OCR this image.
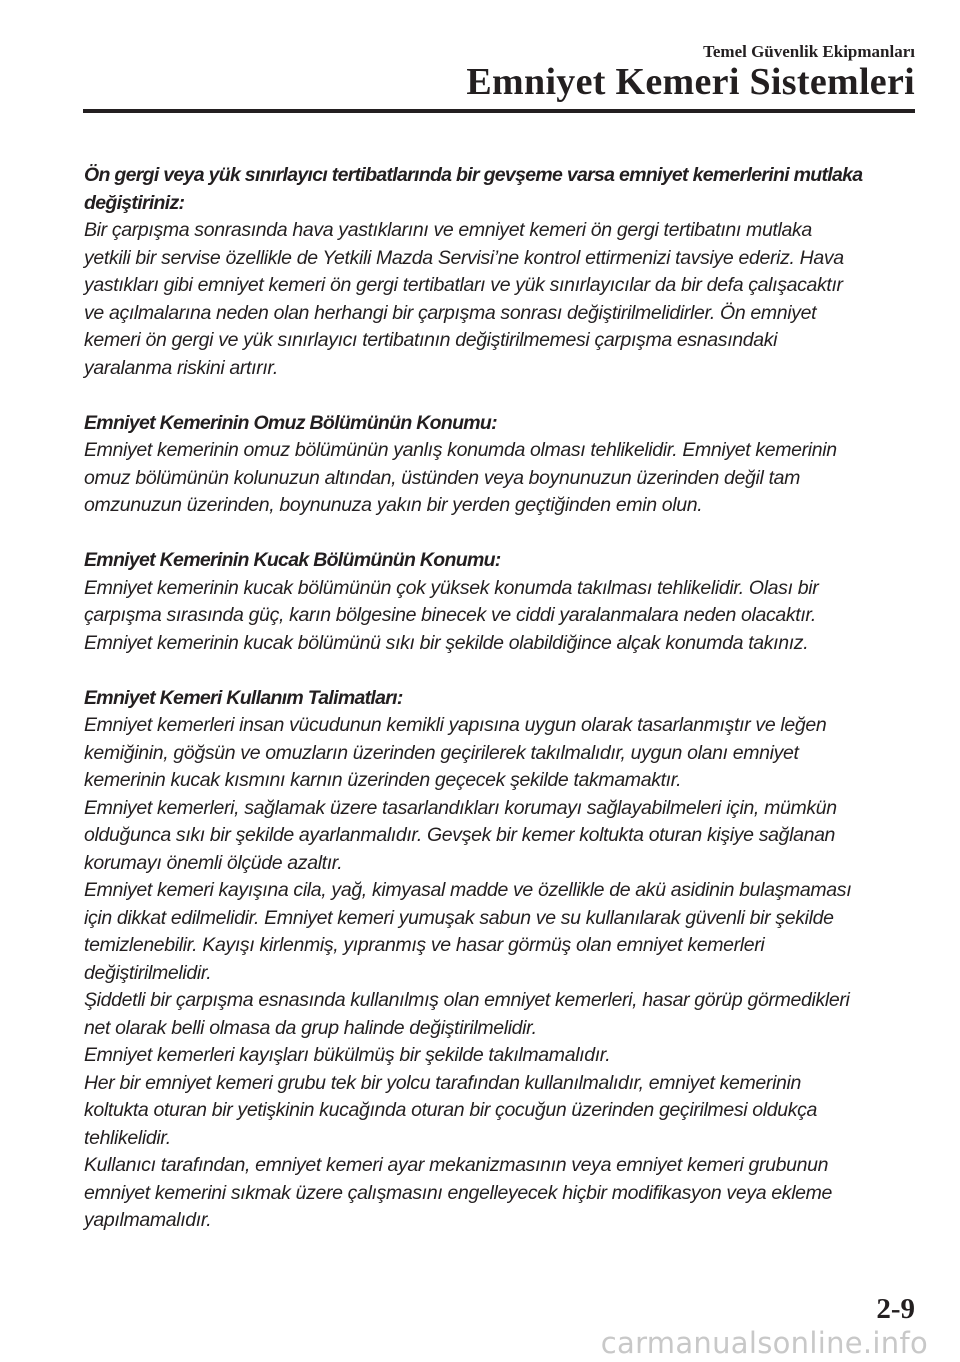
Temel Güvenlik Ekipmanları
Emniyet Kemeri Sistemleri
Ön gergi veya yük sınırlayıcı tertibatlarında bir gevşeme varsa emniyet kemerlerini mutlaka
değiştiriniz:
Bir çarpışma sonrasında hava yastıklarını ve emniyet kemeri ön gergi tertibatını mutlaka
yetkili bir servise özellikle de Yetkili Mazda Servisi’ne kontrol ettirmenizi tavsiye ederiz. Hava
yastıkları gibi emniyet kemeri ön gergi tertibatları ve yük sınırlayıcılar da bir defa çalışacaktır
ve açılmalarına neden olan herhangi bir çarpışma sonrası değiştirilmelidirler. Ön emniyet
kemeri ön gergi ve yük sınırlayıcı tertibatının değiştirilmemesi çarpışma esnasındaki
yaralanma riskini artırır.
Emniyet Kemerinin Omuz Bölümünün Konumu:
Emniyet kemerinin omuz bölümünün yanlış konumda olması tehlikelidir. Emniyet kemerinin
omuz bölümünün kolunuzun altından, üstünden veya boynunuzun üzerinden değil tam
omzunuzun üzerinden, boynunuza yakın bir yerden geçtiğinden emin olun.
Emniyet Kemerinin Kucak Bölümünün Konumu:
Emniyet kemerinin kucak bölümünün çok yüksek konumda takılması tehlikelidir. Olası bir
çarpışma sırasında güç, karın bölgesine binecek ve ciddi yaralanmalara neden olacaktır.
Emniyet kemerinin kucak bölümünü sıkı bir şekilde olabildiğince alçak konumda takınız.
Emniyet Kemeri Kullanım Talimatları:
Emniyet kemerleri insan vücudunun kemikli yapısına uygun olarak tasarlanmıştır ve leğen
kemiğinin, göğsün ve omuzların üzerinden geçirilerek takılmalıdır, uygun olanı emniyet
kemerinin kucak kısmını karnın üzerinden geçecek şekilde takmamaktır.
Emniyet kemerleri, sağlamak üzere tasarlandıkları korumayı sağlayabilmeleri için, mümkün
olduğunca sıkı bir şekilde ayarlanmalıdır. Gevşek bir kemer koltukta oturan kişiye sağlanan
korumayı önemli ölçüde azaltır.
Emniyet kemeri kayışına cila, yağ, kimyasal madde ve özellikle de akü asidinin bulaşmaması
için dikkat edilmelidir. Emniyet kemeri yumuşak sabun ve su kullanılarak güvenli bir şekilde
temizlenebilir. Kayışı kirlenmiş, yıpranmış ve hasar görmüş olan emniyet kemerleri
değiştirilmelidir.
Şiddetli bir çarpışma esnasında kullanılmış olan emniyet kemerleri, hasar görüp görmedikleri
net olarak belli olmasa da grup halinde değiştirilmelidir.
Emniyet kemerleri kayışları bükülmüş bir şekilde takılmamalıdır.
Her bir emniyet kemeri grubu tek bir yolcu tarafından kullanılmalıdır, emniyet kemerinin
koltukta oturan bir yetişkinin kucağında oturan bir çocuğun üzerinden geçirilmesi oldukça
tehlikelidir.
Kullanıcı tarafından, emniyet kemeri ayar mekanizmasının veya emniyet kemeri grubunun
emniyet kemerini sıkmak üzere çalışmasını engelleyecek hiçbir modifikasyon veya ekleme
yapılmamalıdır.
2-9
carmanualsonline.info
